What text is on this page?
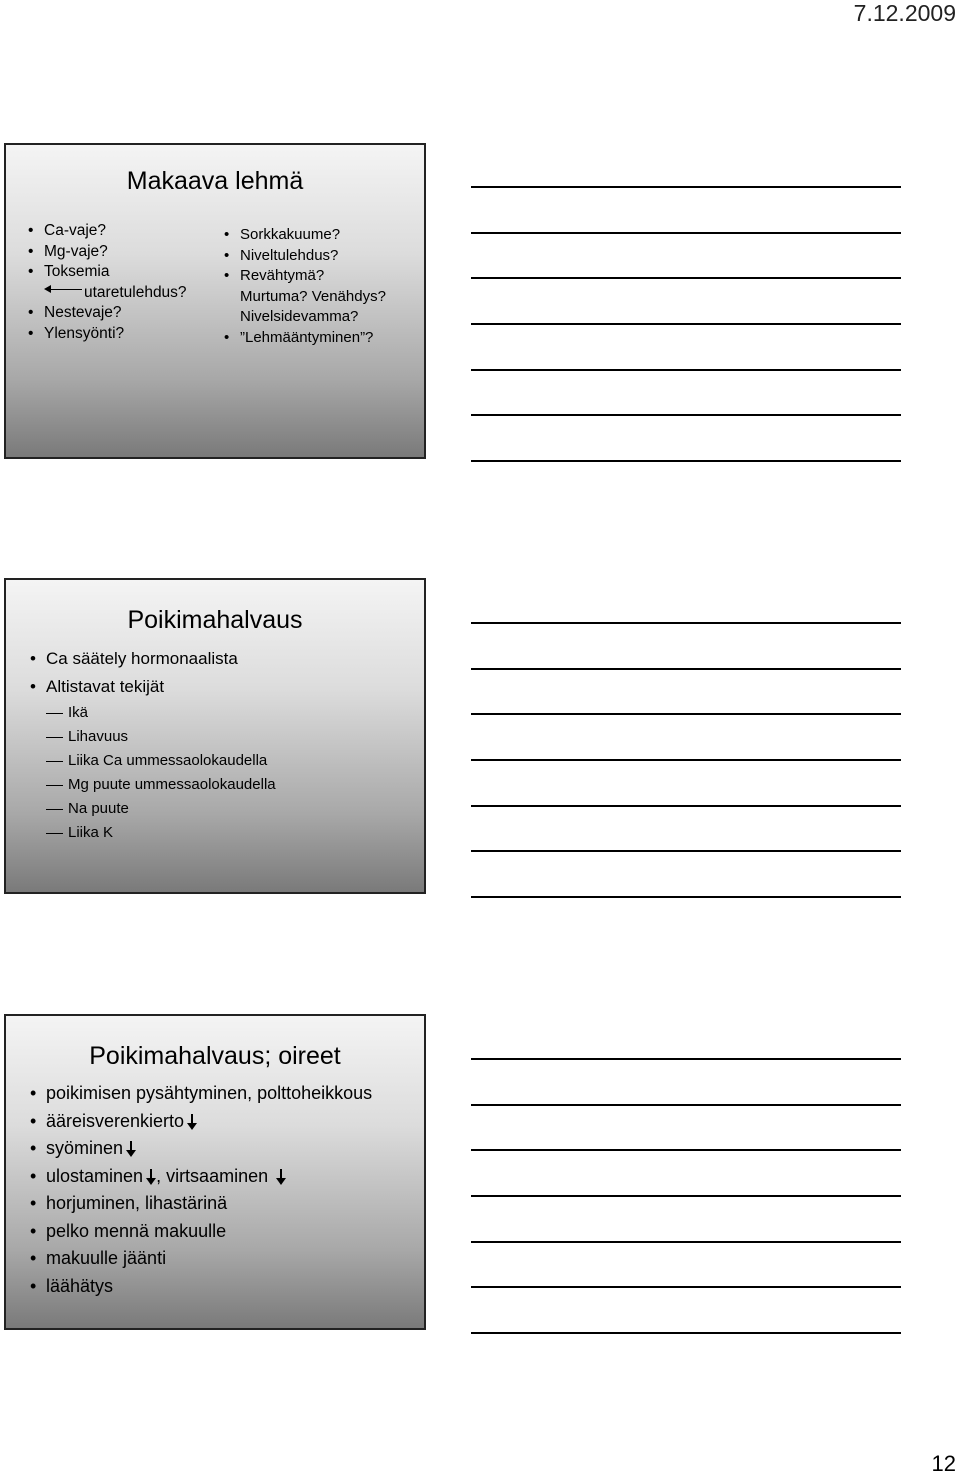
7.12.2009
Makaava lehmä
• Ca-vaje?
• Mg-vaje?
• Toksemia
utaretulehdus?
• Nestevaje?
• Ylensyönti?
• Sorkkakuume?
• Niveltulehdus?
• Revähtymä?
Murtuma? Venähdys?
Nivelsidevamma?
• ”Lehmääntyminen”?
Poikimahalvaus
• Ca säätely hormonaalista
• Altistavat tekijät
Ikä
Lihavuus
Liika Ca ummessaolokaudella
Mg puute ummessaolokaudella
Na puute
Liika K
Poikimahalvaus; oireet
• poikimisen pysähtyminen, polttoheikkous
• ääreisverenkierto
• syöminen
• ulostaminen , virtsaaminen
• horjuminen, lihastärinä
• pelko mennä makuulle
• makuulle jäänti
• läähätys
12
